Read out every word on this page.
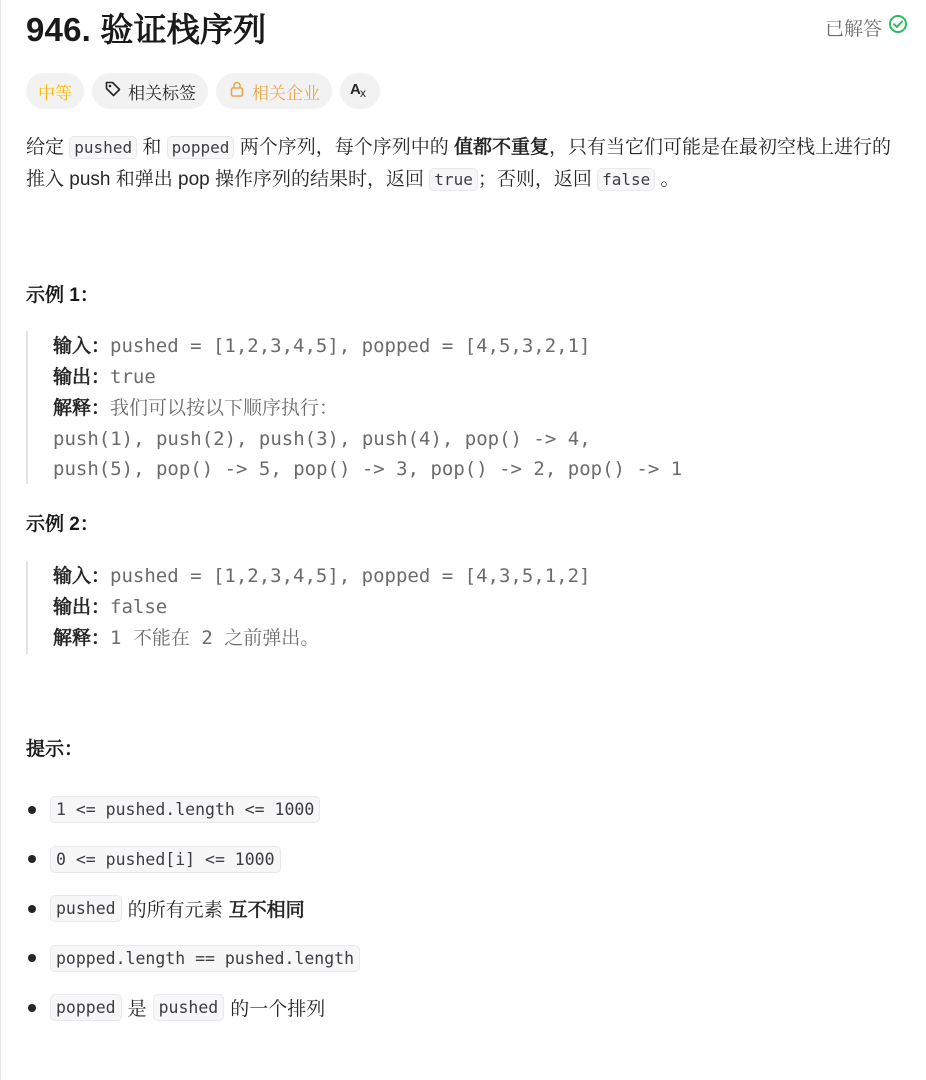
946. 验证栈序列	已解答
中等	相关标签	相关企业 A x
给定 pushed 和 popped 两个序列，每个序列中的 值都不重复，只有当它们可能是在最初空栈上进行的推入 push 和弹出 pop 操作序列的结果时，返回 true ；否则，返回 false 。
示例 1：
输入：pushed = [1,2,3,4,5], popped = [4,5,3,2,1]
输出：true
解释：我们可以按以下顺序执行：
push(1), push(2), push(3), push(4), pop() -> 4,
push(5), pop() -> 5, pop() -> 3, pop() -> 2, pop() -> 1
示例 2：
输入：pushed = [1,2,3,4,5], popped = [4,3,5,1,2]
输出：false
解释：1 不能在 2 之前弹出。
提示：
1 <= pushed.length <= 1000
0 <= pushed[i] <= 1000
pushed 的所有元素 互不相同
popped.length == pushed.length
popped 是 pushed 的一个排列
